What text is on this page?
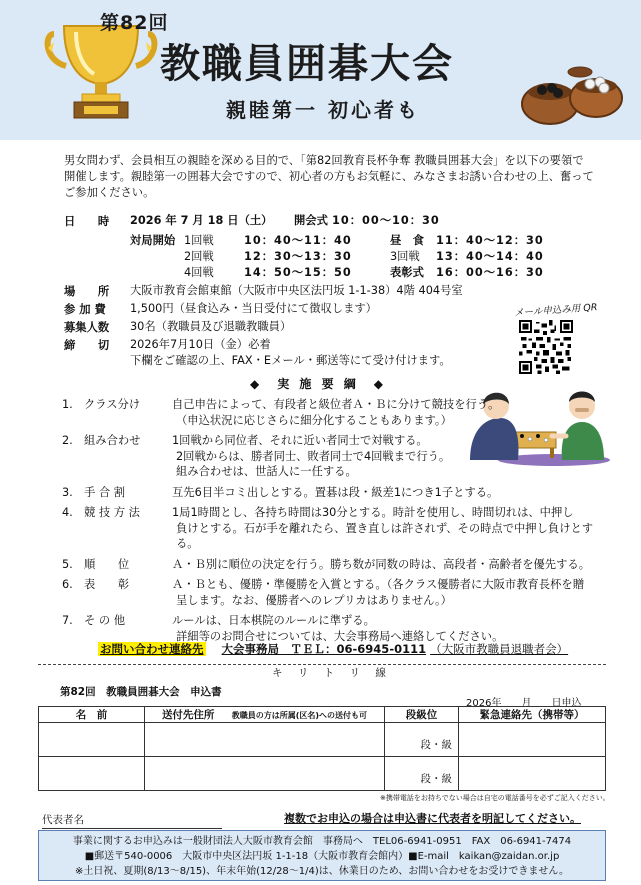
第82回
教職員囲碁大会
親睦第一 初心者も
男女問わず、会員相互の親睦を深める目的で、「第82回教育長杯争奪 教職員囲碁大会」を以下の要領で
開催します。親睦第一の囲碁大会ですので、初心者の方もお気軽に、みなさまお誘い合わせの上、奮って
ご参加ください。
日　　時 2026 年 7 月 18 日（土） 開会式 10：00～10：30
対局開始 1回戦	10：40～11：40	昼　食 11：40～12：30
2回戦	12：30～13：30	3回戦 13：40～14：40
4回戦	14：50～15：50	表彰式 16：00～16：30
場　　所 大阪市教育会館東館（大阪市中央区法円坂 1-1-38）4階 404号室
参 加 費 1,500円（昼食込み・当日受付にて徴収します）
募集人数 30名（教職員及び退職教職員）
締　　切 2026年7月10日（金）必着
下欄をご確認の上、FAX・Eメール・郵送等にて受け付けます。
メール申込み用 QR
◆　実 施 要 綱　◆
1. クラス分け	自己申告によって、有段者と級位者Ａ・Ｂに分けて競技を行う。
（申込状況に応じさらに細分化することもあります。）
2. 組み合わせ	1回戦から同位者、それに近い者同士で対戦する。
2回戦からは、勝者同士、敗者同士で4回戦まで行う。
組み合わせは、世話人に一任する。
3. 手 合 割	互先6目半コミ出しとする。置碁は段・級差1につき1子とする。
4. 競 技 方 法	1局1時間とし、各持ち時間は30分とする。時計を使用し、時間切れは、中押し
負けとする。石が手を離れたら、置き直しは許されず、その時点で中押し負けとす
る。
5. 順　　位	Ａ・Ｂ別に順位の決定を行う。勝ち数が同数の時は、高段者・高齢者を優先する。
6. 表　　彰	Ａ・Ｂとも、優勝・準優勝を入賞とする。（各クラス優勝者に大阪市教育長杯を贈
呈します。なお、優勝者へのレプリカはありません。）
7. そ の 他	ルールは、日本棋院のルールに準ずる。
詳細等のお問合せについては、大会事務局へ連絡してください。
お問い合わせ連絡先 大会事務局　ＴＥＬ：06-6945-0111 （大阪市教職員退職者会）
キ リ ト リ 線
第82回　教職員囲碁大会　申込書
2026年　　月　　日申込
名　前	送付先住所 教職員の方は所属(区名)への送付も可	段級位	緊急連絡先（携帯等）
		段・級	
		段・級	
※携帯電話をお持ちでない場合は自宅の電話番号を必ずご記入ください。
代表者名	複数でお申込の場合は申込書に代表者を明記してください。
事業に関するお申込みは一般財団法人大阪市教育会館　事務局へ　TEL06-6941-0951　FAX　06-6941-7474
■郵送〒540-0006　大阪市中央区法円坂 1-1-18（大阪市教育会館内）■E-mail　kaikan@zaidan.or.jp
※土日祝、夏期(8/13～8/15)、年末年始(12/28～1/4)は、休業日のため、お問い合わせをお受けできません。
